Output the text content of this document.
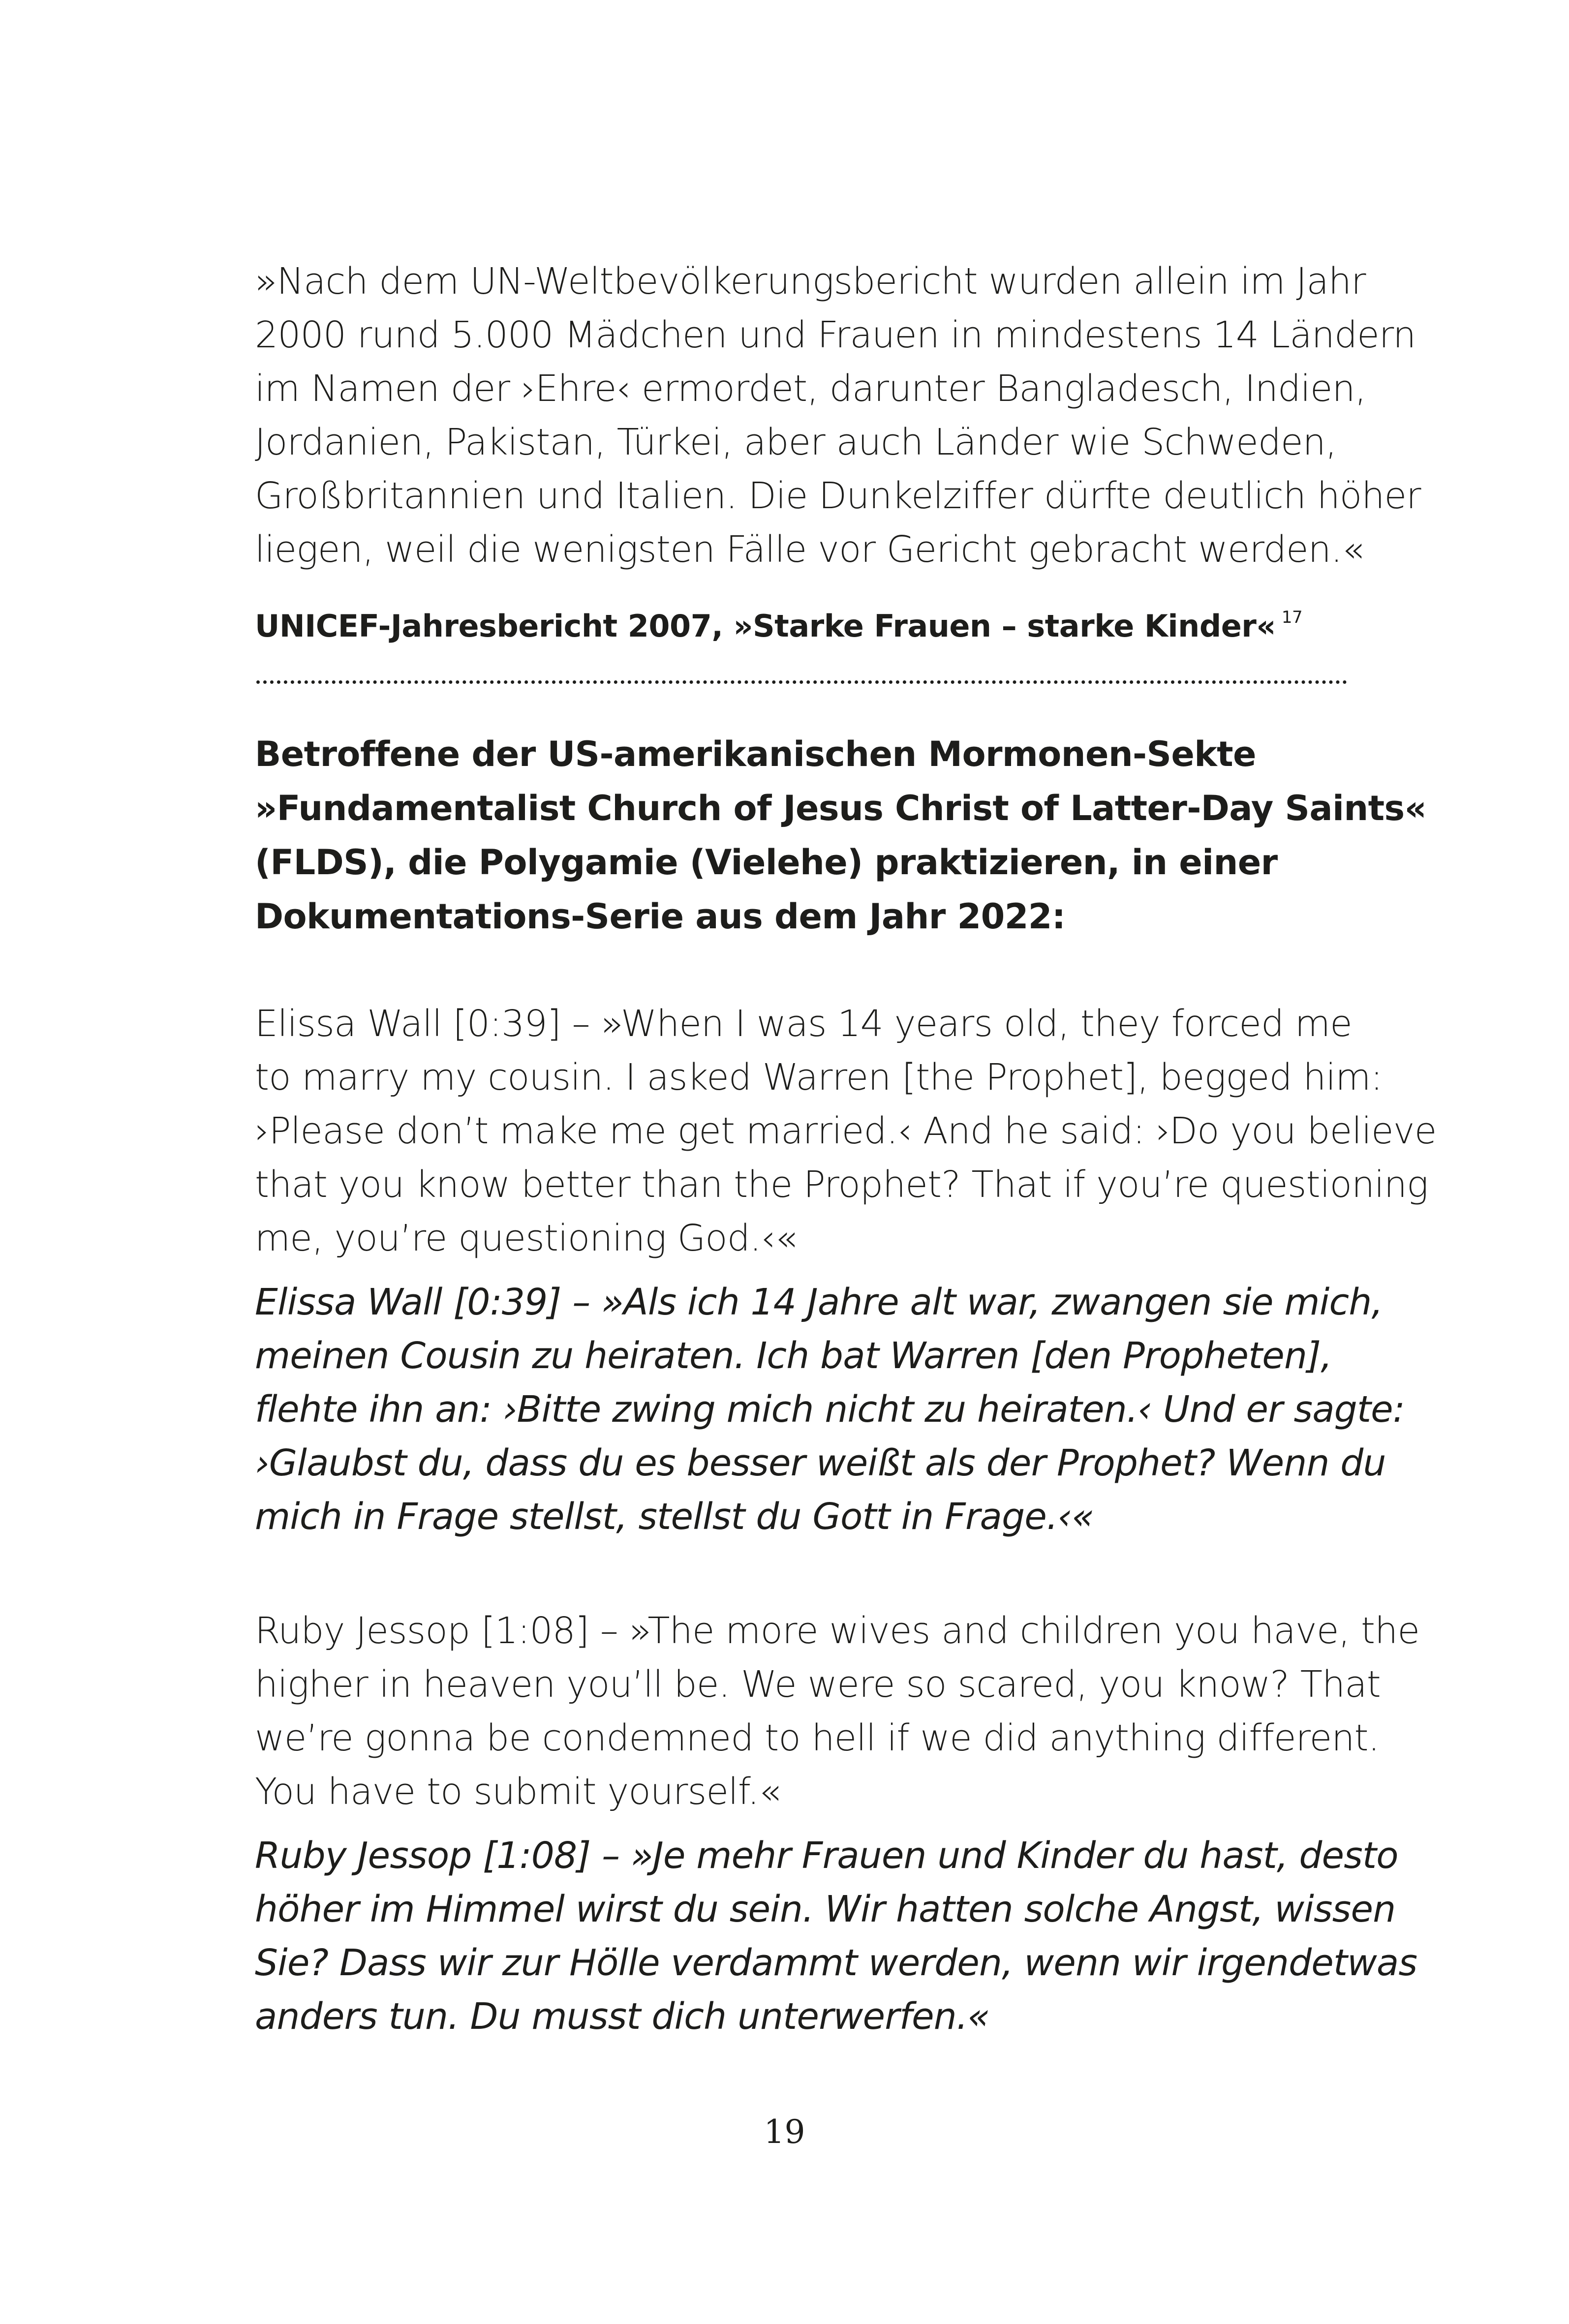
»Nach dem UN-Weltbevölkerungsbericht wurden allein im Jahr
2000 rund 5.000 Mädchen und Frauen in mindestens 14 Ländern
im Namen der ›Ehre‹ ermordet, darunter Bangladesch, Indien,
Jordanien, Pakistan, Türkei, aber auch Länder wie Schweden,
Großbritannien und Italien. Die Dunkelziffer dürfte deutlich höher
liegen, weil die wenigsten Fälle vor Gericht gebracht werden.«

UNICEF-Jahresbericht 2007, »Starke Frauen – starke Kinder« $^{17}$

Betroffene der US-amerikanischen Mormonen-Sekte
»Fundamentalist Church of Jesus Christ of Latter-Day Saints«
(FLDS), die Polygamie (Vielehe) praktizieren, in einer
Dokumentations-Serie aus dem Jahr 2022:

Elissa Wall [0:39] – »When I was 14 years old, they forced me
to marry my cousin. I asked Warren [the Prophet], begged him:
›Please don’t make me get married.‹ And he said: ›Do you believe
that you know better than the Prophet? That if you’re questioning
me, you’re questioning God.‹«

Elissa Wall [0:39] – »Als ich 14 Jahre alt war, zwangen sie mich,
meinen Cousin zu heiraten. Ich bat Warren [den Propheten],
flehte ihn an: ›Bitte zwing mich nicht zu heiraten.‹ Und er sagte:
›Glaubst du, dass du es besser weißt als der Prophet? Wenn du
mich in Frage stellst, stellst du Gott in Frage.‹«

Ruby Jessop [1:08] – »The more wives and children you have, the
higher in heaven you’ll be. We were so scared, you know? That
we’re gonna be condemned to hell if we did anything different.
You have to submit yourself.«

Ruby Jessop [1:08] – »Je mehr Frauen und Kinder du hast, desto
höher im Himmel wirst du sein. Wir hatten solche Angst, wissen
Sie? Dass wir zur Hölle verdammt werden, wenn wir irgendetwas
anders tun. Du musst dich unterwerfen.«

19
